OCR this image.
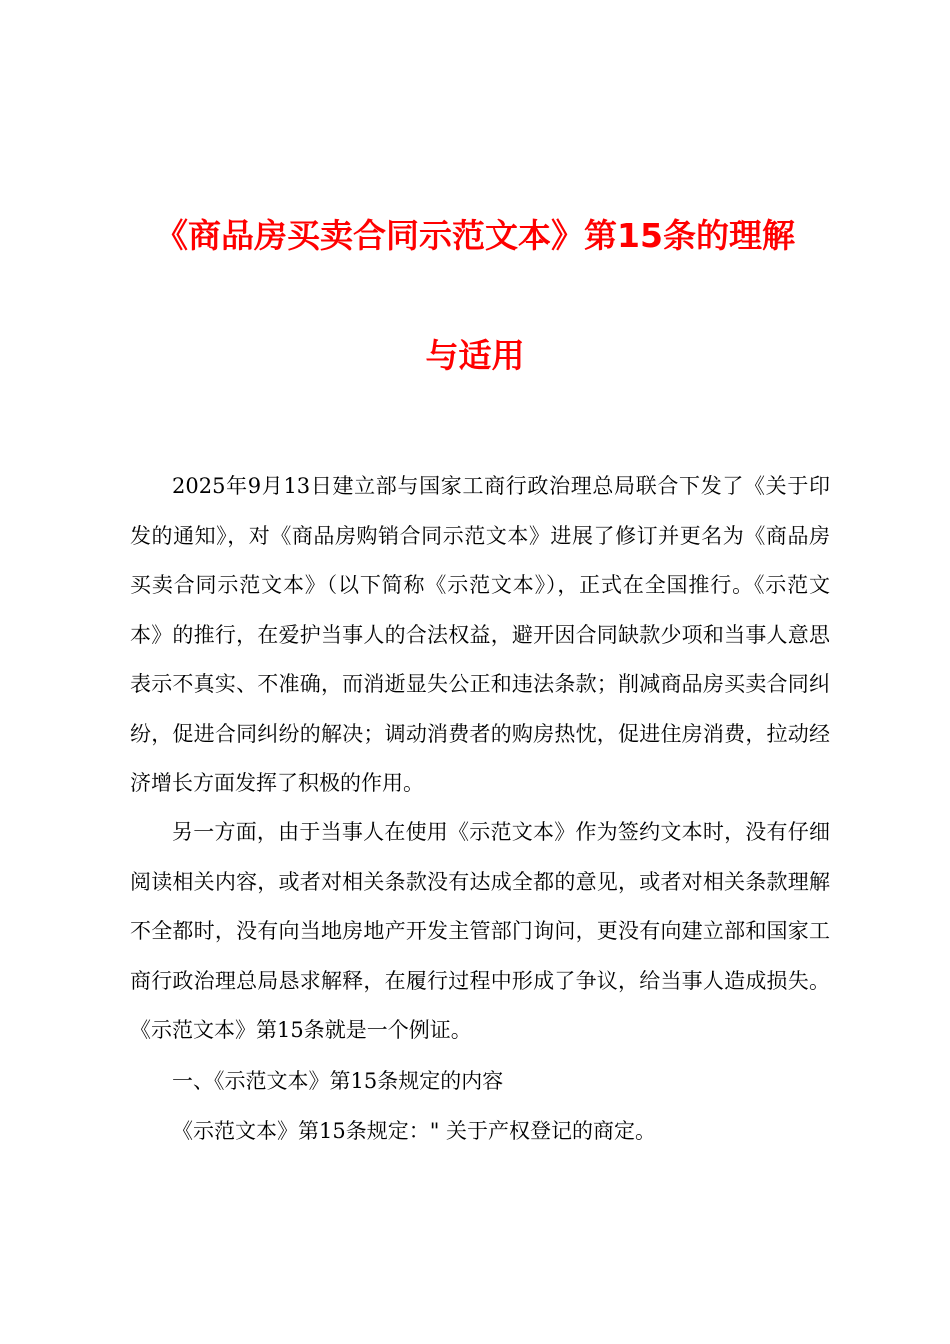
《商品房买卖合同示范文本》第15条的理解
与适用

2025年9月13日建立部与国家工商行政治理总局联合下发了《关于印发的通知》，对《商品房购销合同示范文本》进展了修订并更名为《商品房买卖合同示范文本》（以下简称《示范文本》），正式在全国推行。《示范文本》的推行，在爱护当事人的合法权益，避开因合同缺款少项和当事人意思表示不真实、不准确，而消逝显失公正和违法条款；削减商品房买卖合同纠纷，促进合同纠纷的解决；调动消费者的购房热忱，促进住房消费，拉动经济增长方面发挥了积极的作用。

另一方面，由于当事人在使用《示范文本》作为签约文本时，没有仔细阅读相关内容，或者对相关条款没有达成全都的意见，或者对相关条款理解不全都时，没有向当地房地产开发主管部门询问，更没有向建立部和国家工商行政治理总局恳求解释，在履行过程中形成了争议，给当事人造成损失。《示范文本》第15条就是一个例证。

一、《示范文本》第15条规定的内容
《示范文本》第15条规定：" 关于产权登记的商定。
